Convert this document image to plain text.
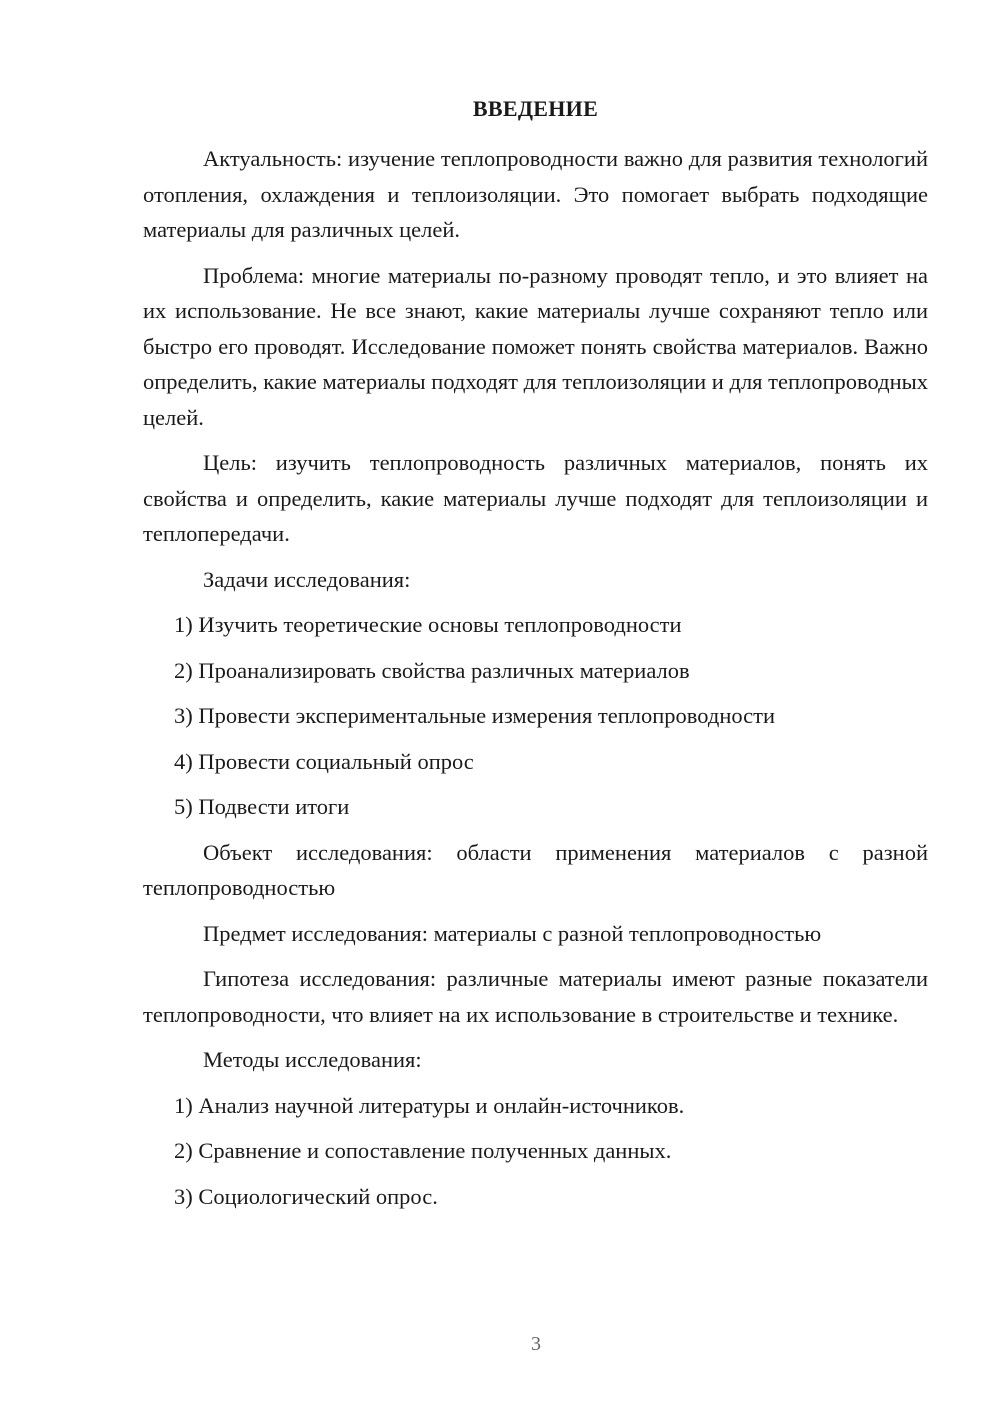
ВВЕДЕНИЕ

Актуальность: изучение теплопроводности важно для развития технологий отопления, охлаждения и теплоизоляции. Это помогает выбрать подходящие материалы для различных целей.

Проблема: многие материалы по-разному проводят тепло, и это влияет на их использование. Не все знают, какие материалы лучше сохраняют тепло или быстро его проводят. Исследование поможет понять свойства материалов. Важно определить, какие материалы подходят для теплоизоляции и для теплопроводных целей.

Цель: изучить теплопроводность различных материалов, понять их свойства и определить, какие материалы лучше подходят для теплоизоляции и теплопередачи.

Задачи исследования:

1) Изучить теоретические основы теплопроводности
2) Проанализировать свойства различных материалов
3) Провести экспериментальные измерения теплопроводности
4) Провести социальный опрос
5) Подвести итоги

Объект исследования: области применения материалов с разной теплопроводностью

Предмет исследования: материалы с разной теплопроводностью

Гипотеза исследования: различные материалы имеют разные показатели теплопроводности, что влияет на их использование в строительстве и технике.

Методы исследования:

1) Анализ научной литературы и онлайн-источников.
2) Сравнение и сопоставление полученных данных.
3) Социологический опрос.
3
